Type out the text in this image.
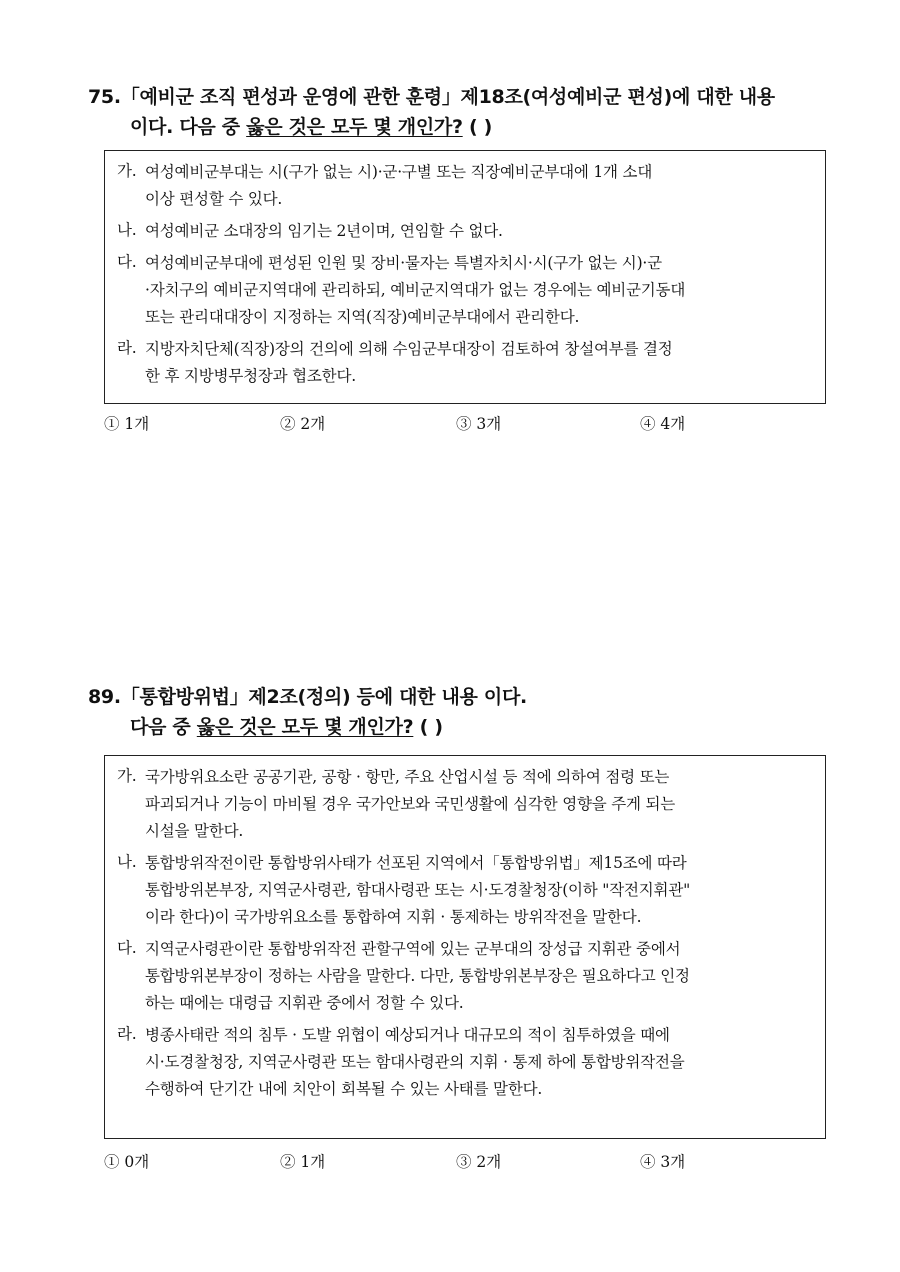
75.「예비군 조직 편성과 운영에 관한 훈령」제18조(여성예비군 편성)에 대한 내용
이다. 다음 중 옳은 것은 모두 몇 개인가? ( )
가. 여성예비군부대는 시(구가 없는 시)·군·구별 또는 직장예비군부대에 1개 소대
이상 편성할 수 있다.
나. 여성예비군 소대장의 임기는 2년이며, 연임할 수 없다.
다. 여성예비군부대에 편성된 인원 및 장비·물자는 특별자치시·시(구가 없는 시)·군
·자치구의 예비군지역대에 관리하되, 예비군지역대가 없는 경우에는 예비군기동대
또는 관리대대장이 지정하는 지역(직장)예비군부대에서 관리한다.
라. 지방자치단체(직장)장의 건의에 의해 수임군부대장이 검토하여 창설여부를 결정
한 후 지방병무청장과 협조한다.
① 1개	② 2개	③ 3개	④ 4개
89.「통합방위법」제2조(정의) 등에 대한 내용 이다.
다음 중 옳은 것은 모두 몇 개인가? ( )
가. 국가방위요소란 공공기관, 공항 · 항만, 주요 산업시설 등 적에 의하여 점령 또는
파괴되거나 기능이 마비될 경우 국가안보와 국민생활에 심각한 영향을 주게 되는
시설을 말한다.
나. 통합방위작전이란 통합방위사태가 선포된 지역에서「통합방위법」제15조에 따라
통합방위본부장, 지역군사령관, 함대사령관 또는 시·도경찰청장(이하 "작전지휘관"
이라 한다)이 국가방위요소를 통합하여 지휘 · 통제하는 방위작전을 말한다.
다. 지역군사령관이란 통합방위작전 관할구역에 있는 군부대의 장성급 지휘관 중에서
통합방위본부장이 정하는 사람을 말한다. 다만, 통합방위본부장은 필요하다고 인정
하는 때에는 대령급 지휘관 중에서 정할 수 있다.
라. 병종사태란 적의 침투 · 도발 위협이 예상되거나 대규모의 적이 침투하였을 때에
시·도경찰청장, 지역군사령관 또는 함대사령관의 지휘 · 통제 하에 통합방위작전을
수행하여 단기간 내에 치안이 회복될 수 있는 사태를 말한다.
① 0개	② 1개	③ 2개	④ 3개
